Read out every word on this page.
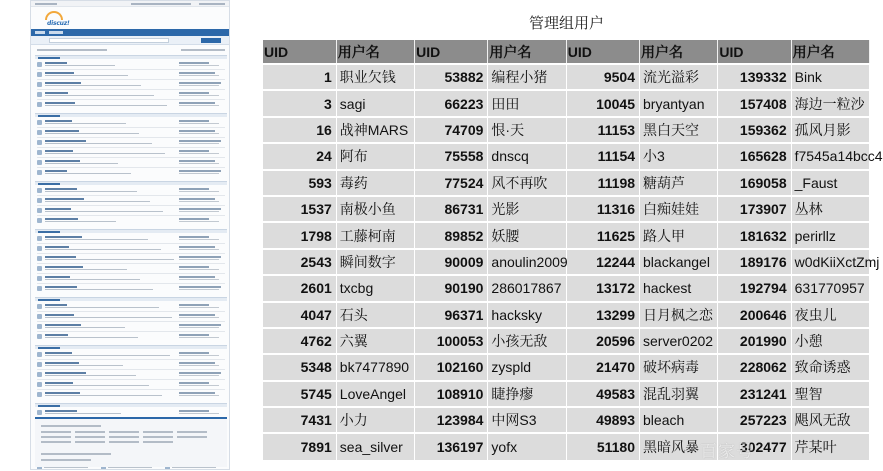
discuz!	管理组用户
UID	用户名	UID	用户名	UID	用户名	UID	用户名
1	职业欠钱	53882	编程小猪	9504	流光溢彩	139332	Bink
3	sagi	66223	田田	10045	bryantyan	157408	海边一粒沙
16	战神MARS	74709	恨·天	11153	黑白天空	159362	孤风月影
24	阿布	75558	dnscq	11154	小3	165628	f7545a14bcc4
593	毒药	77524	风不再吹	11198	糖葫芦	169058	_Faust
1537	南极小鱼	86731	光影	11316	白痴娃娃	173907	丛林
1798	工藤柯南	89852	妖腰	11625	路人甲	181632	perirllz
2543	瞬间数字	90009	anoulin2009	12244	blackangel	189176	w0dKiiXctZmj
2601	txcbg	90190	286017867	13172	hackest	192794	631770957
4047	石头	96371	hacksky	13299	日月枫之恋	200646	夜虫儿
4762	六翼	100053	小孩无敌	20596	server0202	201990	小憩
5348	bk7477890	102160	zyspld	21470	破坏病毒	228062	致命诱惑
5745	LoveAngel	108910	睫挣瘳	49583	混乱羽翼	231241	聖智
7431	小力	123984	中网S3	49893	bleach	257223	飓风无敌
7891	sea_silver	136197	yofx	51180	黑暗风暴	302477	芹某叶
百家号
